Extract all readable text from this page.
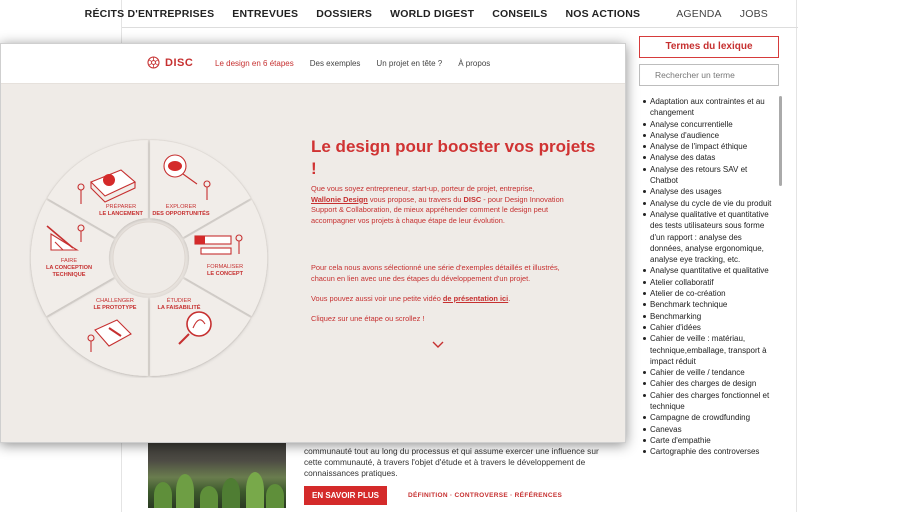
RÉCITS D'ENTREPRISES ENTREVUES DOSSIERS WORLD DIGEST CONSEILS NOS ACTIONS	AGENDA JOBS
Termes du lexique
Rechercher un terme
Adaptation aux contraintes et au changement
Analyse concurrentielle
Analyse d'audience
Analyse de l'impact éthique
Analyse des datas
Analyse des retours SAV et Chatbot
Analyse des usages
Analyse du cycle de vie du produit
Analyse qualitative et quantitative des tests utilisateurs sous forme d'un rapport : analyse des données, analyse ergonomique, analyse eye tracking, etc.
Analyse quantitative et qualitative
Atelier collaboratif
Atelier de co-création
Benchmark technique
Benchmarking
Cahier d'idées
Cahier de veille : matériau, technique,emballage, transport à impact réduit
Cahier de veille / tendance
Cahier des charges de design
Cahier des charges fonctionnel et technique
Campagne de crowdfunding
Canevas
Carte d'empathie
Cartographie des controverses

communauté tout au long du processus et qui assume exercer une influence sur cette communauté, à travers l'objet d'étude et à travers le développement de connaissances pratiques.

EN SAVOIR PLUS	DÉFINITION · CONTROVERSE · RÉFÉRENCES
DISC	Le design en 6 étapes Des exemples Un projet en tête ? À propos
PRÉPARER
LE LANCEMENT
EXPLORER
DES OPPORTUNITÉS
FORMALISER
LE CONCEPT
ÉTUDIER
LA FAISABILITÉ
CHALLENGER
LE PROTOTYPE
FAIRE
LA CONCEPTION
TECHNIQUE
Le design pour booster vos projets
!

Que vous soyez entrepreneur, start-up, porteur de projet, entreprise,
Wallonie Design vous propose, au travers du DISC - pour Design Innovation Support & Collaboration, de mieux appréhender comment le design peut accompagner vos projets à chaque étape de leur évolution.

Pour cela nous avons sélectionné une série d'exemples détaillés et illustrés, chacun en lien avec une des étapes du développement d'un projet.

Vous pouvez aussi voir une petite vidéo de présentation ici.

Cliquez sur une étape ou scrollez !
